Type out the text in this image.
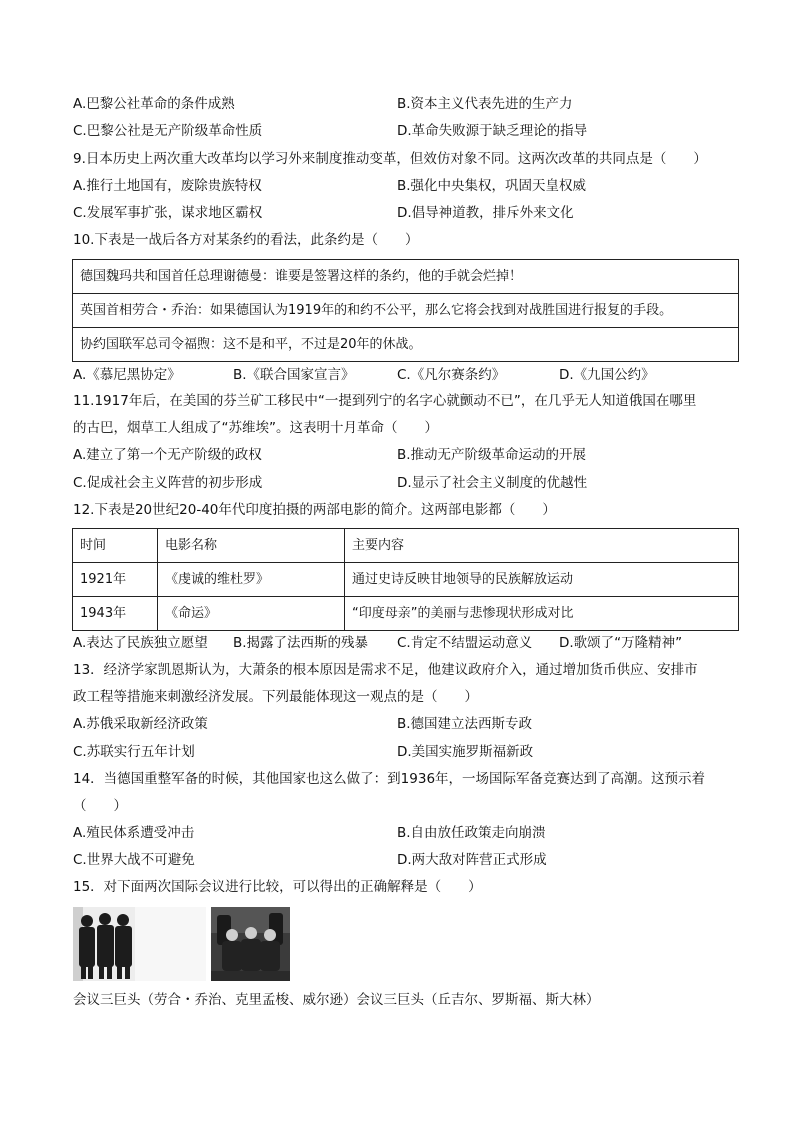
A.巴黎公社革命的条件成熟	B.资本主义代表先进的生产力
C.巴黎公社是无产阶级革命性质	D.革命失败源于缺乏理论的指导
9.日本历史上两次重大改革均以学习外来制度推动变革，但效仿对象不同。这两次改革的共同点是（　　）
A.推行土地国有，废除贵族特权	B.强化中央集权，巩固天皇权威
C.发展军事扩张，谋求地区霸权	D.倡导神道教，排斥外来文化
10.下表是一战后各方对某条约的看法，此条约是（　　）
德国魏玛共和国首任总理谢德曼：谁要是签署这样的条约，他的手就会烂掉！
英国首相劳合・乔治：如果德国认为1919年的和约不公平，那么它将会找到对战胜国进行报复的手段。
协约国联军总司令福煦：这不是和平，不过是20年的休战。
A.《慕尼黑协定》	B.《联合国家宣言》	C.《凡尔赛条约》	D.《九国公约》
11.1917年后，在美国的芬兰矿工移民中“一提到列宁的名字心就颤动不已”，在几乎无人知道俄国在哪里
的古巴，烟草工人组成了“苏维埃”。这表明十月革命（　　）
A.建立了第一个无产阶级的政权	B.推动无产阶级革命运动的开展
C.促成社会主义阵营的初步形成	D.显示了社会主义制度的优越性
12.下表是20世纪20-40年代印度拍摄的两部电影的简介。这两部电影都（　　）
时间	电影名称	主要内容
1921年	《虔诚的维杜罗》	通过史诗反映甘地领导的民族解放运动
1943年	《命运》	“印度母亲”的美丽与悲惨现状形成对比
A.表达了民族独立愿望 B.揭露了法西斯的残暴 C.肯定不结盟运动意义 D.歌颂了“万隆精神”
13．经济学家凯恩斯认为，大萧条的根本原因是需求不足，他建议政府介入，通过增加货币供应、安排市
政工程等措施来刺激经济发展。下列最能体现这一观点的是（　　）
A.苏俄采取新经济政策	B.德国建立法西斯专政
C.苏联实行五年计划	D.美国实施罗斯福新政
14．当德国重整军备的时候，其他国家也这么做了：到1936年，一场国际军备竞赛达到了高潮。这预示着
（　　）
A.殖民体系遭受冲击	B.自由放任政策走向崩溃
C.世界大战不可避免	D.两大敌对阵营正式形成
15．对下面两次国际会议进行比较，可以得出的正确解释是（　　）
会议三巨头（劳合・乔治、克里孟梭、威尔逊）会议三巨头（丘吉尔、罗斯福、斯大林）
